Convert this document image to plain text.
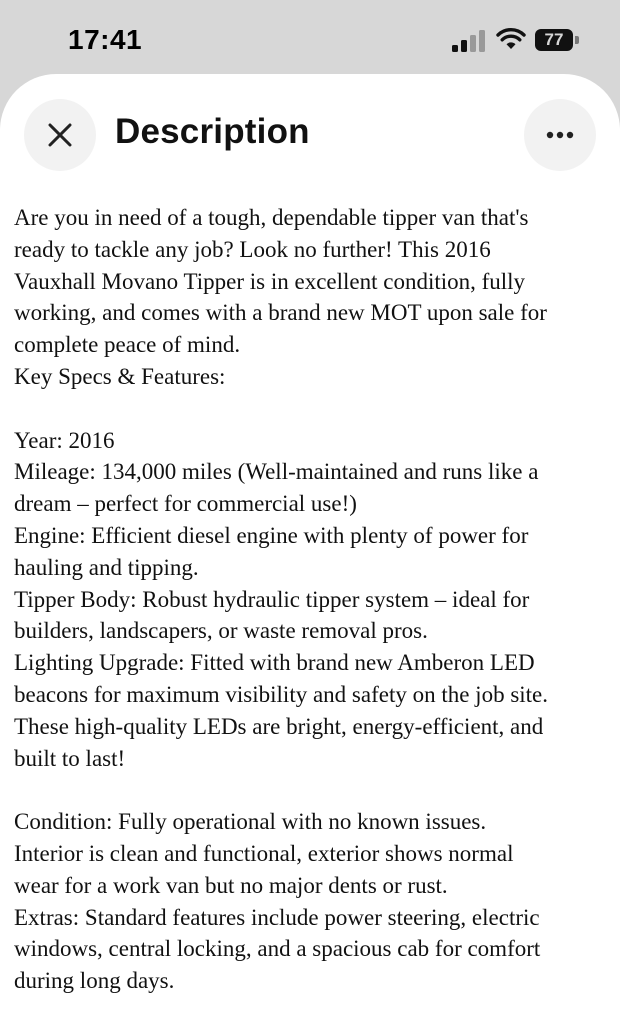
17:41	77
Description
Are you in need of a tough, dependable tipper van that's
ready to tackle any job? Look no further! This 2016
Vauxhall Movano Tipper is in excellent condition, fully
working, and comes with a brand new MOT upon sale for
complete peace of mind.
Key Specs & Features:
Year: 2016
Mileage: 134,000 miles (Well-maintained and runs like a
dream – perfect for commercial use!)
Engine: Efficient diesel engine with plenty of power for
hauling and tipping.
Tipper Body: Robust hydraulic tipper system – ideal for
builders, landscapers, or waste removal pros.
Lighting Upgrade: Fitted with brand new Amberon LED
beacons for maximum visibility and safety on the job site.
These high-quality LEDs are bright, energy-efficient, and
built to last!
Condition: Fully operational with no known issues.
Interior is clean and functional, exterior shows normal
wear for a work van but no major dents or rust.
Extras: Standard features include power steering, electric
windows, central locking, and a spacious cab for comfort
during long days.
